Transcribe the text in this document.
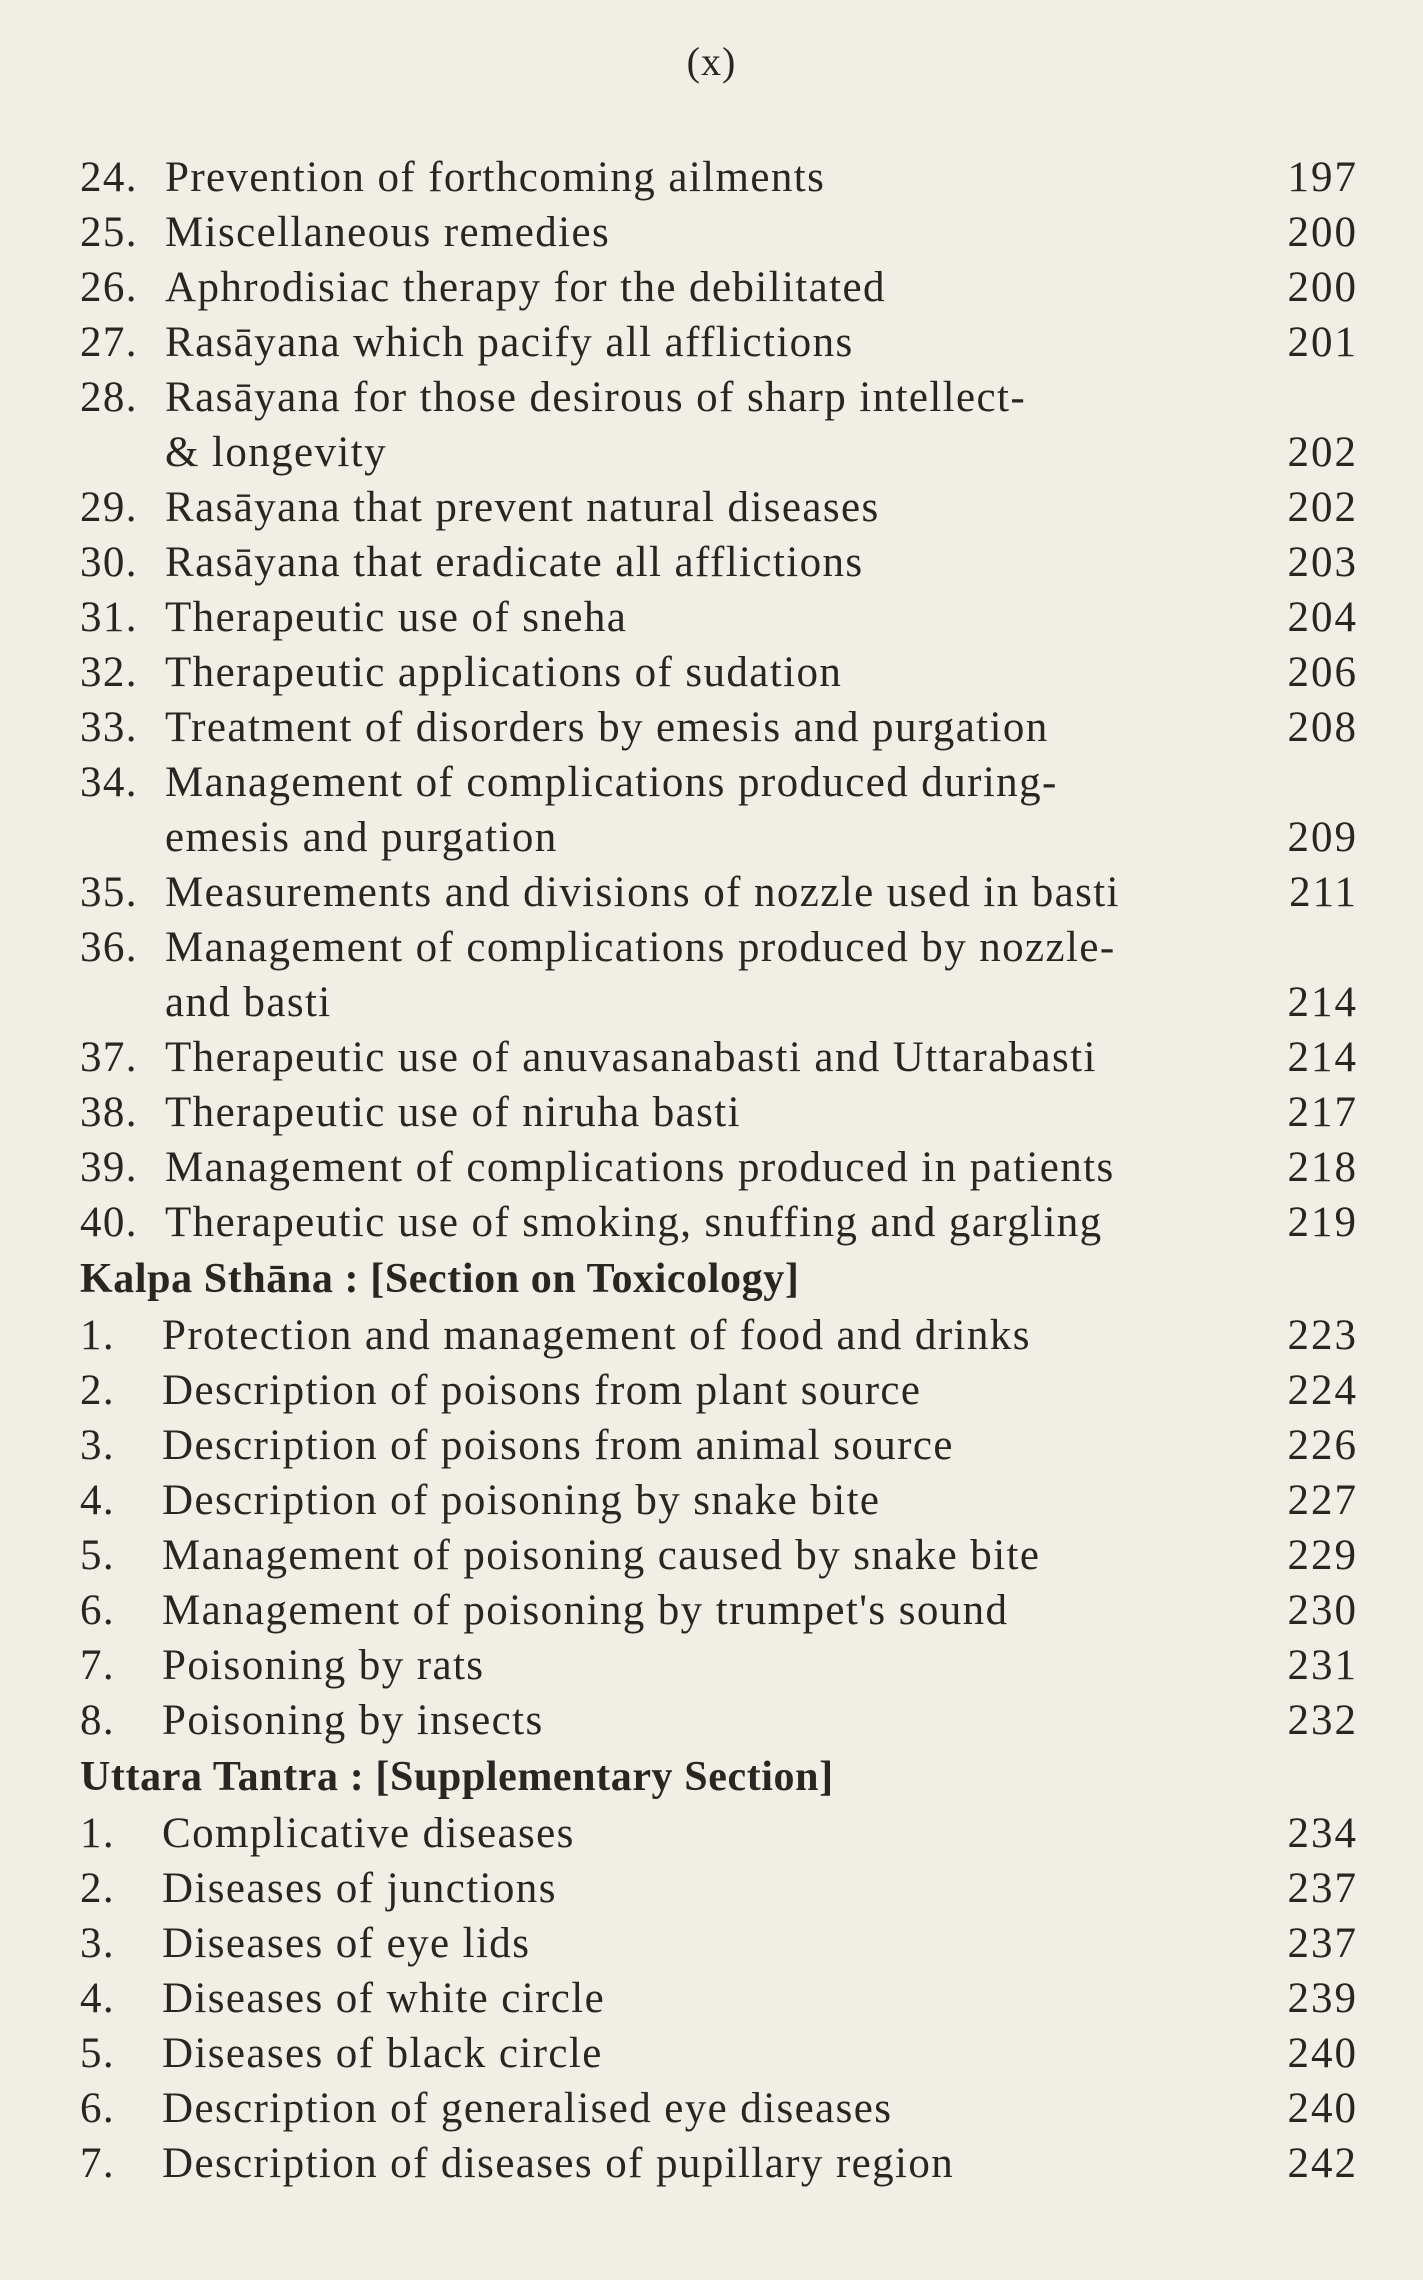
(x)
24. Prevention of forthcoming ailments	197
25. Miscellaneous remedies	200
26. Aphrodisiac therapy for the debilitated	200
27. Rasāyana which pacify all afflictions	201
28. Rasāyana for those desirous of sharp intellect-
& longevity	202
29. Rasāyana that prevent natural diseases	202
30. Rasāyana that eradicate all afflictions	203
31. Therapeutic use of sneha	204
32. Therapeutic applications of sudation	206
33. Treatment of disorders by emesis and purgation	208
34. Management of complications produced during-
emesis and purgation	209
35. Measurements and divisions of nozzle used in basti	211
36. Management of complications produced by nozzle-
and basti	214
37. Therapeutic use of anuvasanabasti and Uttarabasti	214
38. Therapeutic use of niruha basti	217
39. Management of complications produced in patients	218
40. Therapeutic use of smoking, snuffing and gargling	219
Kalpa Sthāna : [Section on Toxicology]
1.	Protection and management of food and drinks	223
2.	Description of poisons from plant source	224
3.	Description of poisons from animal source	226
4.	Description of poisoning by snake bite	227
5.	Management of poisoning caused by snake bite	229
6.	Management of poisoning by trumpet's sound	230
7.	Poisoning by rats	231
8.	Poisoning by insects	232
Uttara Tantra : [Supplementary Section]
1.	Complicative diseases	234
2.	Diseases of junctions	237
3.	Diseases of eye lids	237
4.	Diseases of white circle	239
5.	Diseases of black circle	240
6.	Description of generalised eye diseases	240
7.	Description of diseases of pupillary region	242
